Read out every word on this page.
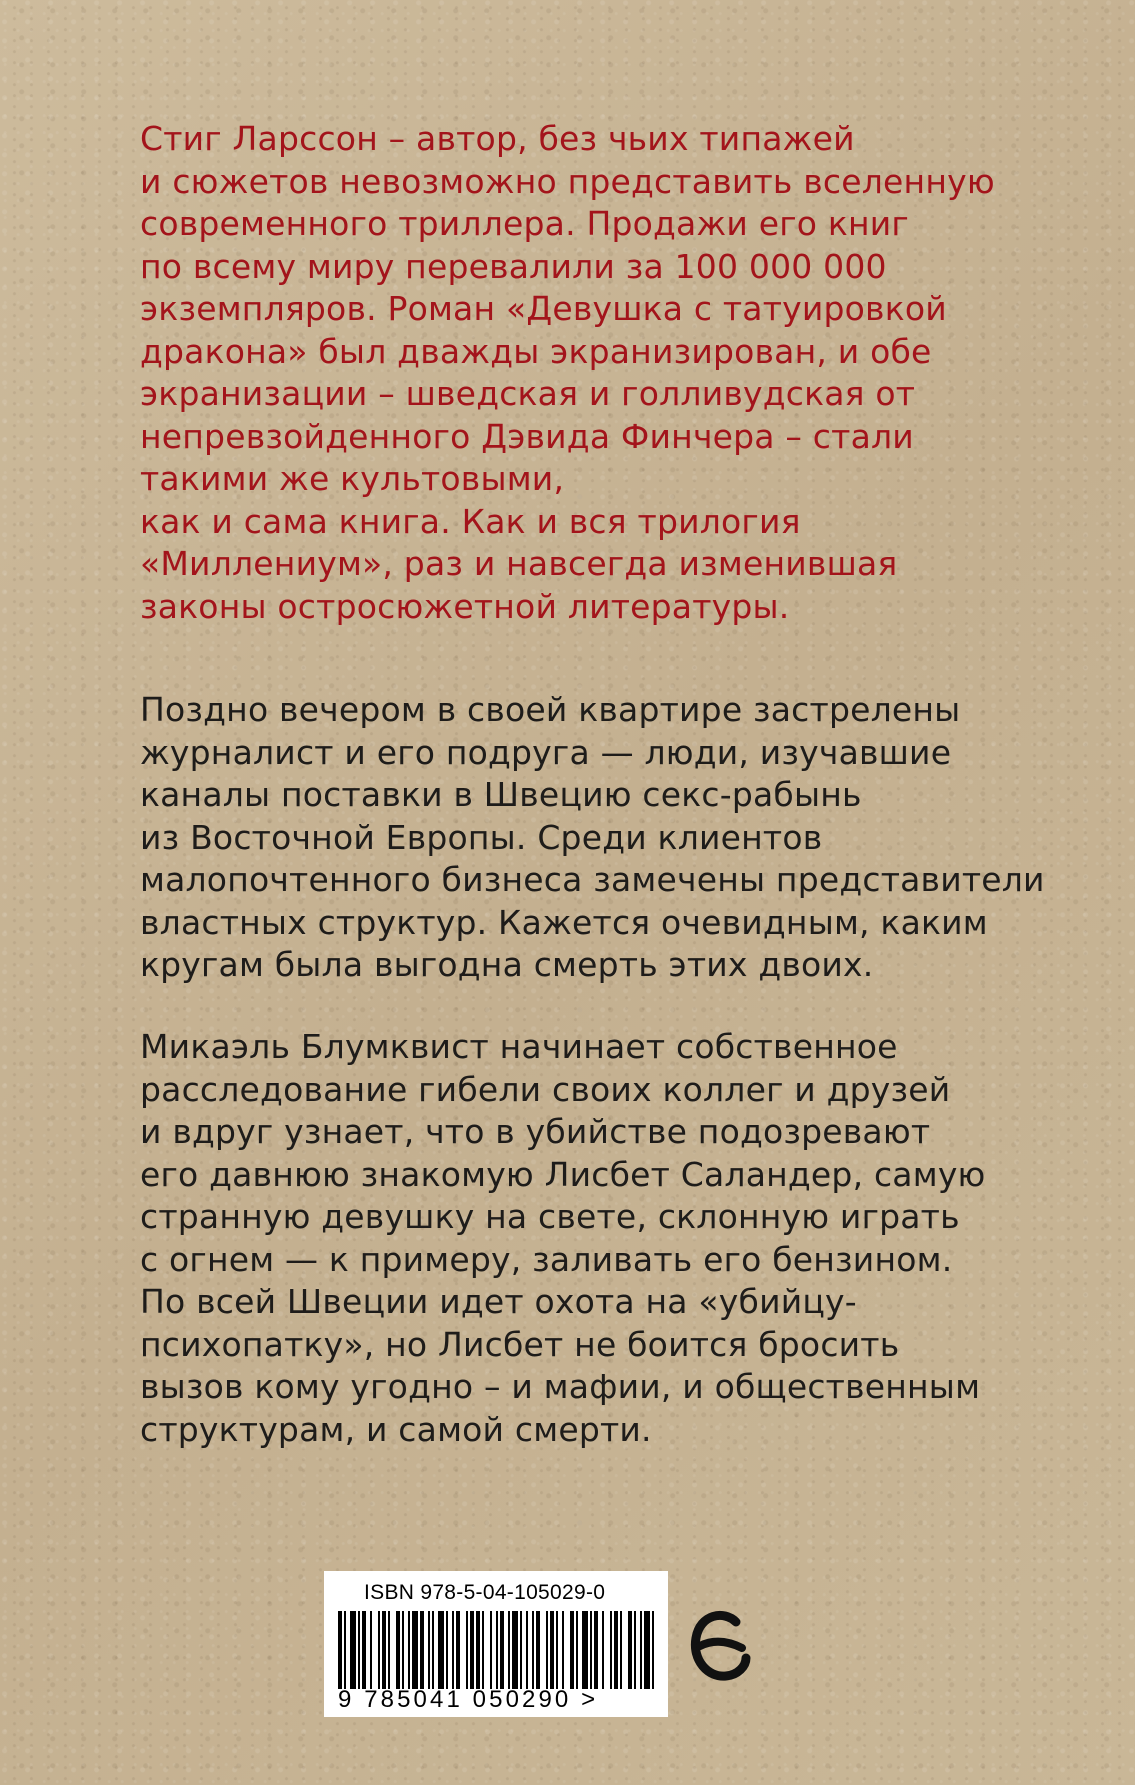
Стиг Ларссон – автор, без чьих типажей
и сюжетов невозможно представить вселенную
современного триллера. Продажи его книг
по всему миру перевалили за 100 000 000
экземпляров. Роман «Девушка с татуировкой
дракона» был дважды экранизирован, и обе
экранизации – шведская и голливудская от
непревзойденного Дэвида Финчера – стали
такими же культовыми,
как и сама книга. Как и вся трилогия
«Миллениум», раз и навсегда изменившая
законы остросюжетной литературы.
Поздно вечером в своей квартире застрелены
журналист и его подруга — люди, изучавшие
каналы поставки в Швецию секс-рабынь
из Восточной Европы. Среди клиентов
малопочтенного бизнеса замечены представители
властных структур. Кажется очевидным, каким
кругам была выгодна смерть этих двоих.
Микаэль Блумквист начинает собственное
расследование гибели своих коллег и друзей
и вдруг узнает, что в убийстве подозревают
его давнюю знакомую Лисбет Саландер, самую
странную девушку на свете, склонную играть
с огнем — к примеру, заливать его бензином.
По всей Швеции идет охота на «убийцу-
психопатку», но Лисбет не боится бросить
вызов кому угодно – и мафии, и общественным
структурам, и самой смерти.
ISBN 978-5-04-105029-0
9 785041 050290 >
